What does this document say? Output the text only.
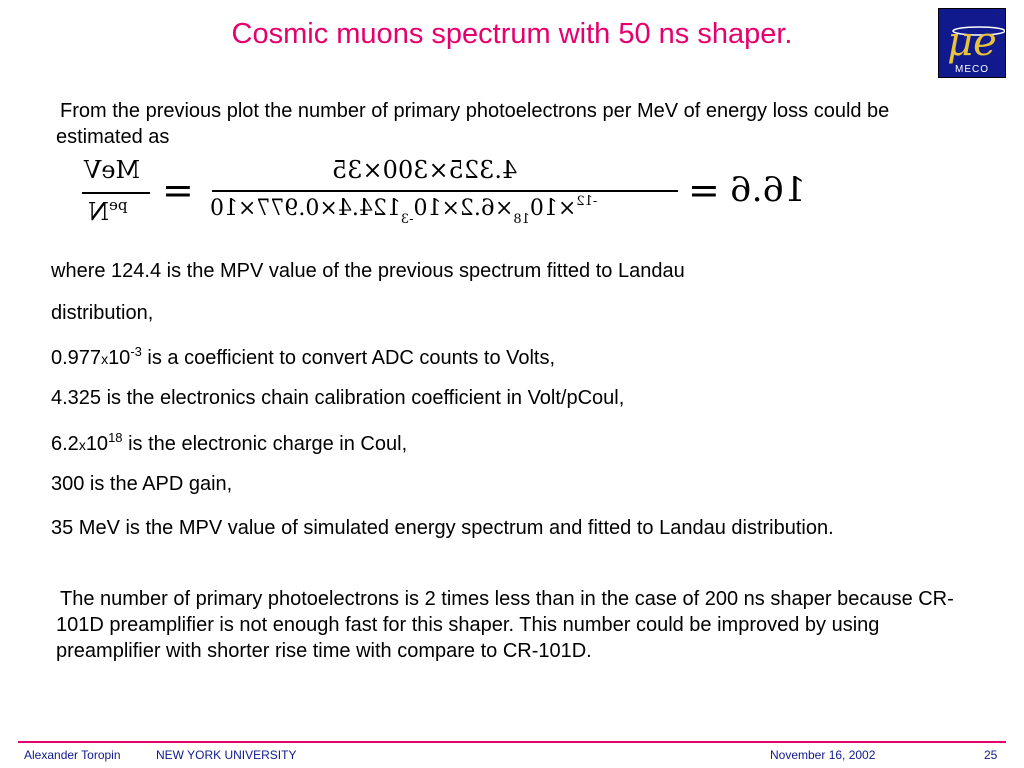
Cosmic muons spectrum with 50 ns shaper.	μe
MECO
From the previous plot the number of primary photoelectrons per MeV of energy loss could be estimated as
MeV
$^{pe}$N	=	4.325×300×35
$^{-12}\times 10_{18}\times 6.2\times 10_{-3}124.4\times 0.977\times 10$	= 16.6
where 124.4 is the MPV value of the previous spectrum fitted to Landau
distribution,
$0.977x10^{-3}$ is a coefficient to convert ADC counts to Volts,
4.325 is the electronics chain calibration coefficient in Volt/pCoul,
$6.2x10^{18}$ is the electronic charge in Coul,
300 is the APD gain,
35 MeV is the MPV value of simulated energy spectrum and fitted to Landau distribution.
The number of primary photoelectrons is 2 times less than in the case of 200 ns shaper because CR-101D preamplifier is not enough fast for this shaper. This number could be improved by using preamplifier with shorter rise time with compare to CR-101D.
Alexander Toropin	NEW YORK UNIVERSITY	November 16, 2002	25
